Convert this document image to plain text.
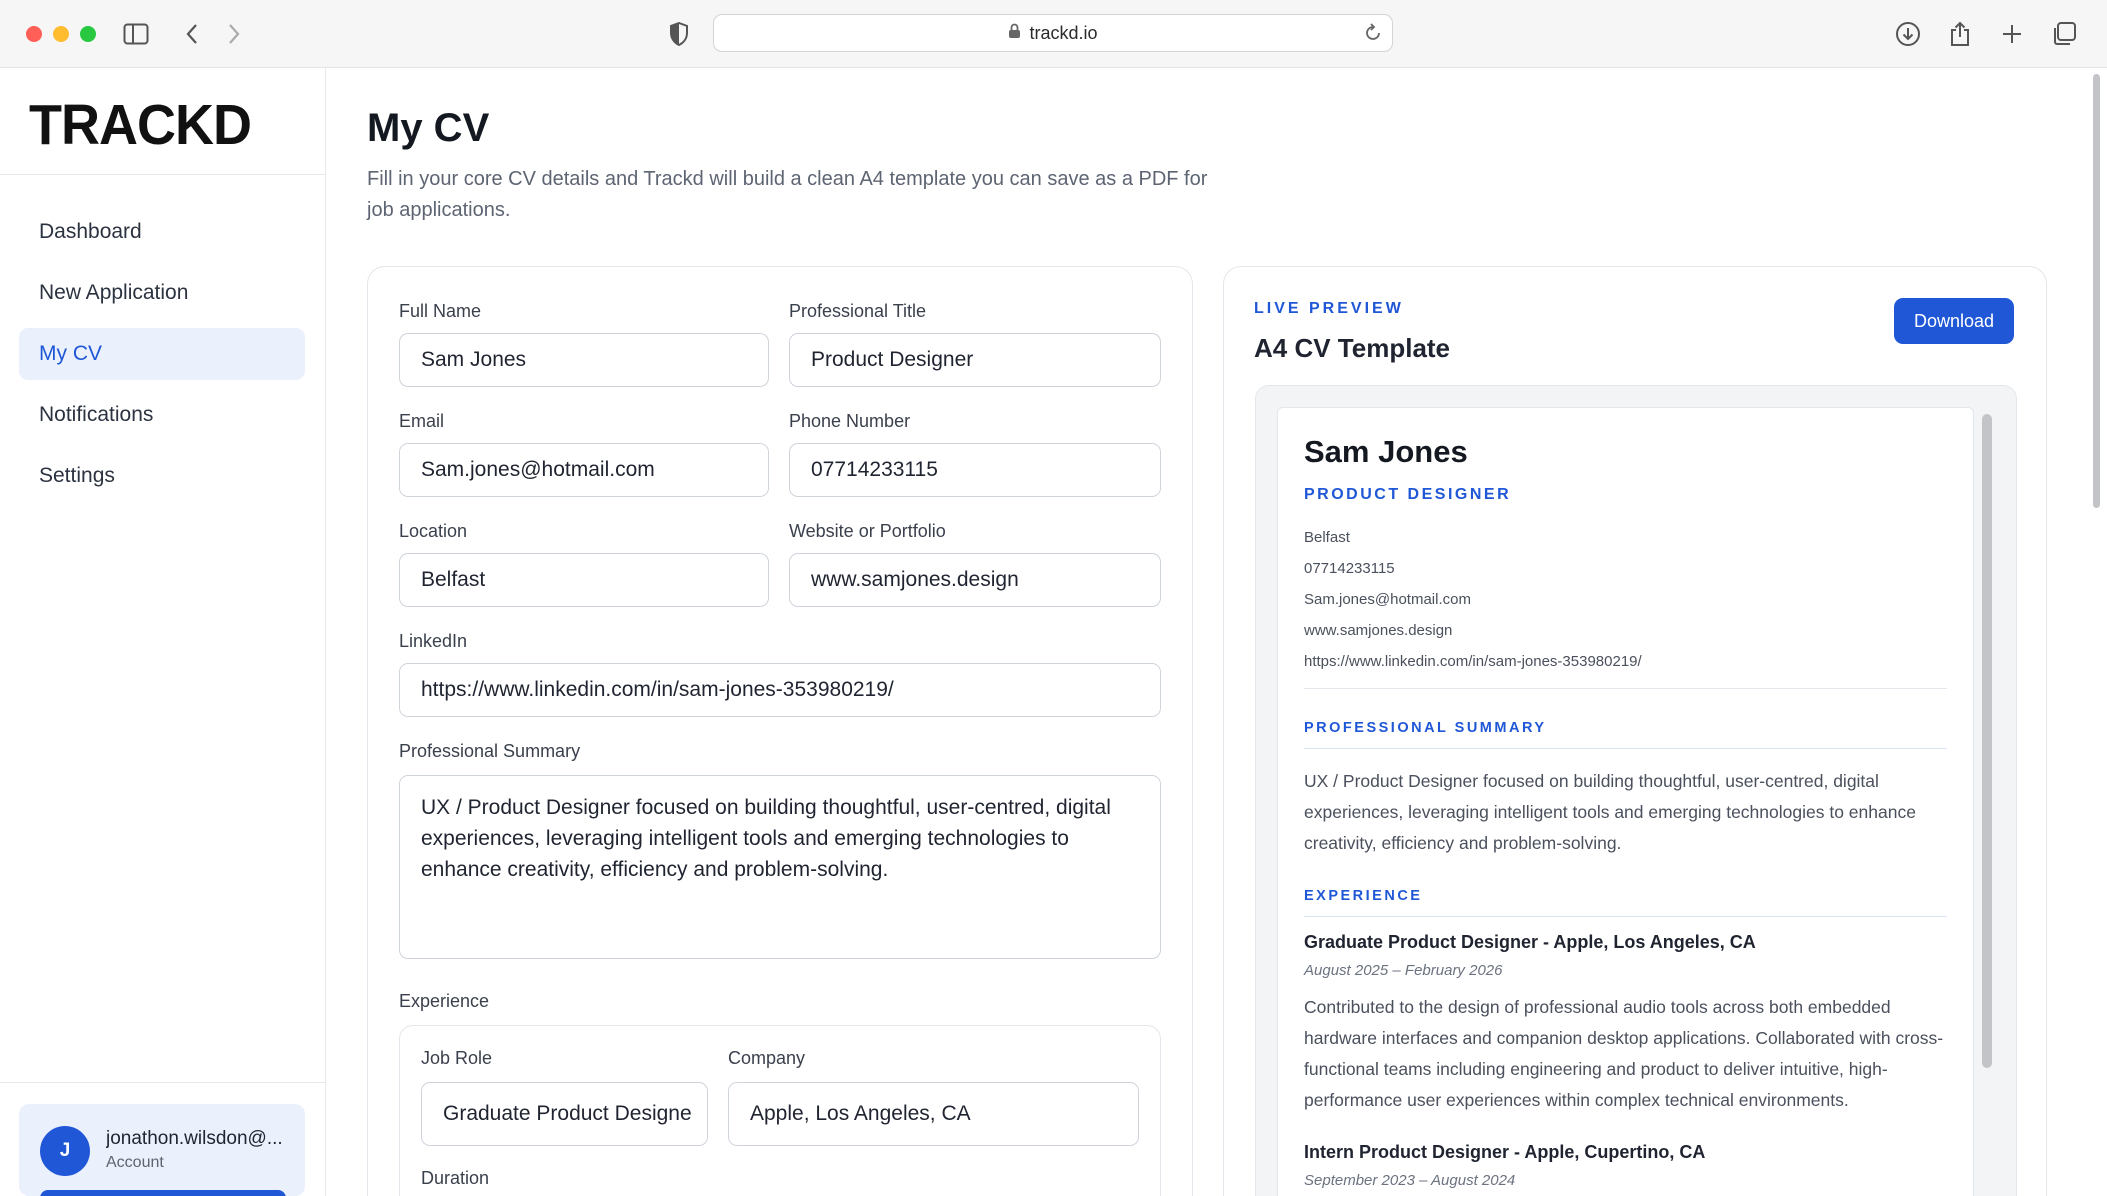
trackd.io
TRACKD
Dashboard
New Application
My CV
Notifications
Settings
J
jonathon.wilsdon@...
Account
My CV

Fill in your core CV details and Trackd will build a clean A4 template you can save as a PDF for job applications.

Full Name
Sam Jones
Professional Title
Product Designer
Email
Sam.jones@hotmail.com
Phone Number
07714233115
Location
Belfast
Website or Portfolio
www.samjones.design
LinkedIn
https://www.linkedin.com/in/sam-jones-353980219/
Professional Summary
UX / Product Designer focused on building thoughtful, user-centred, digital experiences, leveraging intelligent tools and emerging technologies to enhance creativity, efficiency and problem-solving.
Experience
Job Role
Graduate Product Designe
Company
Apple, Los Angeles, CA
Duration
LIVE PREVIEW
A4 CV Template
Download
Sam Jones
PRODUCT DESIGNER
Belfast
07714233115
Sam.jones@hotmail.com
www.samjones.design
https://www.linkedin.com/in/sam-jones-353980219/
PROFESSIONAL SUMMARY
UX / Product Designer focused on building thoughtful, user-centred, digital experiences, leveraging intelligent tools and emerging technologies to enhance creativity, efficiency and problem-solving.
EXPERIENCE
Graduate Product Designer - Apple, Los Angeles, CA
August 2025 – February 2026
Contributed to the design of professional audio tools across both embedded hardware interfaces and companion desktop applications. Collaborated with cross-functional teams including engineering and product to deliver intuitive, high-performance user experiences within complex technical environments.
Intern Product Designer - Apple, Cupertino, CA
September 2023 – August 2024
